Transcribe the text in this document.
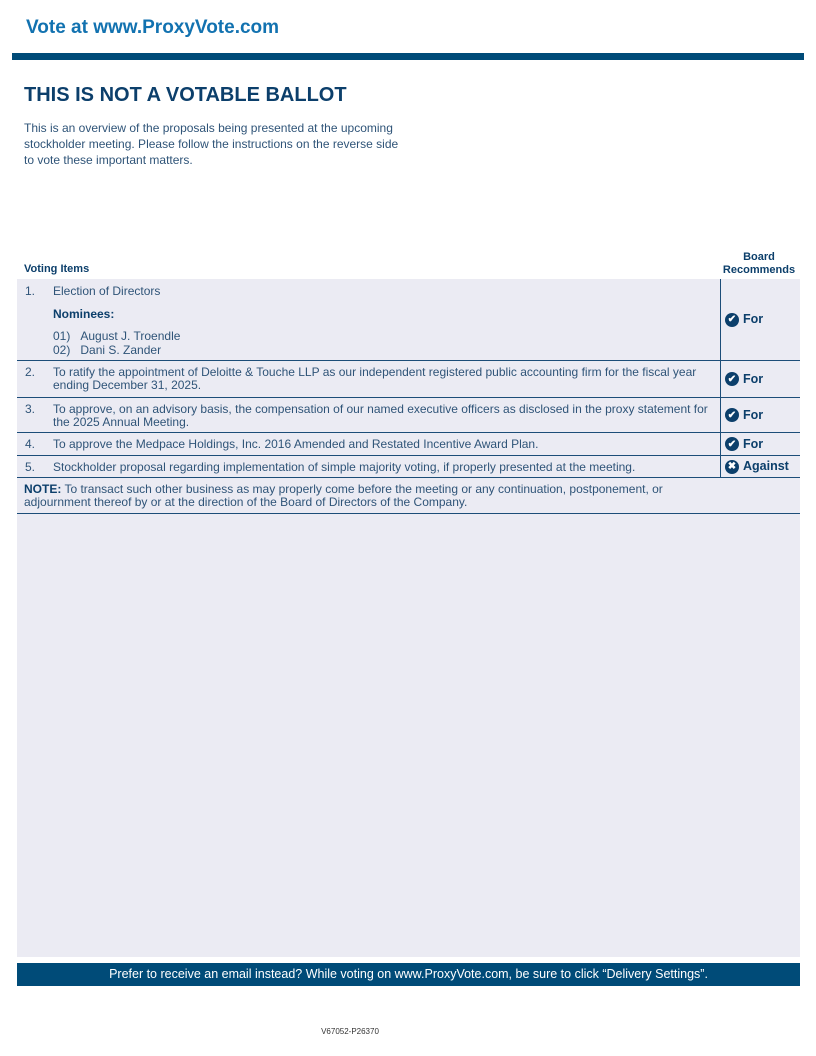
Vote at www.ProxyVote.com
THIS IS NOT A VOTABLE BALLOT
This is an overview of the proposals being presented at the upcoming stockholder meeting. Please follow the instructions on the reverse side to vote these important matters.
Voting Items
Board
Recommends
1. Election of Directors
Nominees:
01) August J. Troendle
02) Dani S. Zander
✔ For
2. To ratify the appointment of Deloitte & Touche LLP as our independent registered public accounting firm for the fiscal year ending December 31, 2025.	✔ For
3. To approve, on an advisory basis, the compensation of our named executive officers as disclosed in the proxy statement for the 2025 Annual Meeting.	✔ For
4. To approve the Medpace Holdings, Inc. 2016 Amended and Restated Incentive Award Plan.	✔ For
5. Stockholder proposal regarding implementation of simple majority voting, if properly presented at the meeting.	✖ Against
NOTE: To transact such other business as may properly come before the meeting or any continuation, postponement, or adjournment thereof by or at the direction of the Board of Directors of the Company.
Prefer to receive an email instead? While voting on www.ProxyVote.com, be sure to click “Delivery Settings”.
V67052-P26370
